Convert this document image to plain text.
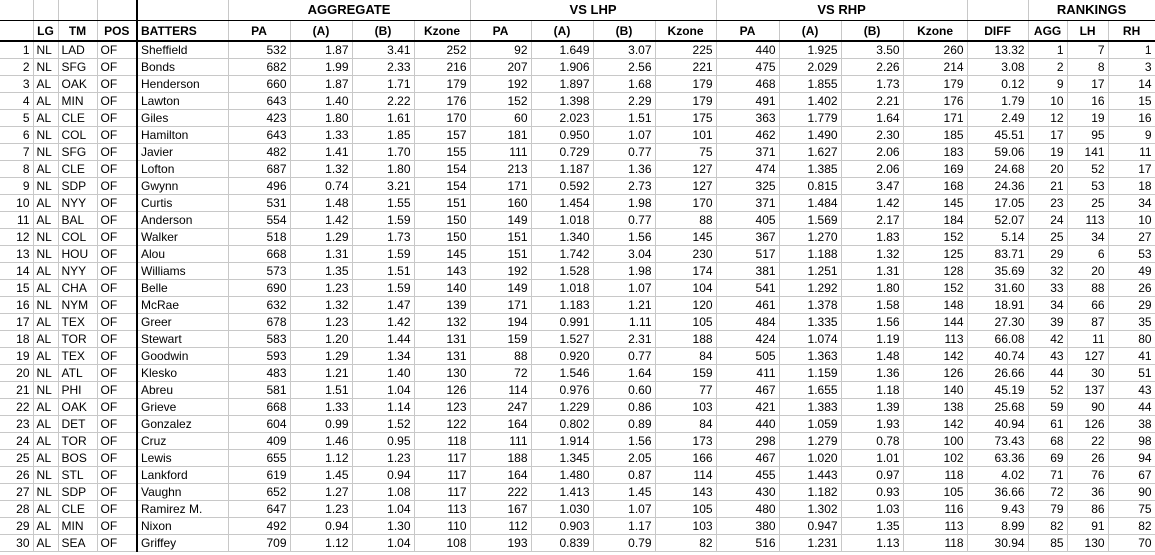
					AGGREGATE				VS LHP				VS RHP					RANKINGS		
	LG	TM	POS	BATTERS	PA	(A)	(B)	Kzone	PA	(A)	(B)	Kzone	PA	(A)	(B)	Kzone	DIFF	AGG	LH	RH
1	NL	LAD	OF	Sheffield	532	1.87	3.41	252	92	1.649	3.07	225	440	1.925	3.50	260	13.32	1	7	1
2	NL	SFG	OF	Bonds	682	1.99	2.33	216	207	1.906	2.56	221	475	2.029	2.26	214	3.08	2	8	3
3	AL	OAK	OF	Henderson	660	1.87	1.71	179	192	1.897	1.68	179	468	1.855	1.73	179	0.12	9	17	14
4	AL	MIN	OF	Lawton	643	1.40	2.22	176	152	1.398	2.29	179	491	1.402	2.21	176	1.79	10	16	15
5	AL	CLE	OF	Giles	423	1.80	1.61	170	60	2.023	1.51	175	363	1.779	1.64	171	2.49	12	19	16
6	NL	COL	OF	Hamilton	643	1.33	1.85	157	181	0.950	1.07	101	462	1.490	2.30	185	45.51	17	95	9
7	NL	SFG	OF	Javier	482	1.41	1.70	155	111	0.729	0.77	75	371	1.627	2.06	183	59.06	19	141	11
8	AL	CLE	OF	Lofton	687	1.32	1.80	154	213	1.187	1.36	127	474	1.385	2.06	169	24.68	20	52	17
9	NL	SDP	OF	Gwynn	496	0.74	3.21	154	171	0.592	2.73	127	325	0.815	3.47	168	24.36	21	53	18
10	AL	NYY	OF	Curtis	531	1.48	1.55	151	160	1.454	1.98	170	371	1.484	1.42	145	17.05	23	25	34
11	AL	BAL	OF	Anderson	554	1.42	1.59	150	149	1.018	0.77	88	405	1.569	2.17	184	52.07	24	113	10
12	NL	COL	OF	Walker	518	1.29	1.73	150	151	1.340	1.56	145	367	1.270	1.83	152	5.14	25	34	27
13	NL	HOU	OF	Alou	668	1.31	1.59	145	151	1.742	3.04	230	517	1.188	1.32	125	83.71	29	6	53
14	AL	NYY	OF	Williams	573	1.35	1.51	143	192	1.528	1.98	174	381	1.251	1.31	128	35.69	32	20	49
15	AL	CHA	OF	Belle	690	1.23	1.59	140	149	1.018	1.07	104	541	1.292	1.80	152	31.60	33	88	26
16	NL	NYM	OF	McRae	632	1.32	1.47	139	171	1.183	1.21	120	461	1.378	1.58	148	18.91	34	66	29
17	AL	TEX	OF	Greer	678	1.23	1.42	132	194	0.991	1.11	105	484	1.335	1.56	144	27.30	39	87	35
18	AL	TOR	OF	Stewart	583	1.20	1.44	131	159	1.527	2.31	188	424	1.074	1.19	113	66.08	42	11	80
19	AL	TEX	OF	Goodwin	593	1.29	1.34	131	88	0.920	0.77	84	505	1.363	1.48	142	40.74	43	127	41
20	NL	ATL	OF	Klesko	483	1.21	1.40	130	72	1.546	1.64	159	411	1.159	1.36	126	26.66	44	30	51
21	NL	PHI	OF	Abreu	581	1.51	1.04	126	114	0.976	0.60	77	467	1.655	1.18	140	45.19	52	137	43
22	AL	OAK	OF	Grieve	668	1.33	1.14	123	247	1.229	0.86	103	421	1.383	1.39	138	25.68	59	90	44
23	AL	DET	OF	Gonzalez	604	0.99	1.52	122	164	0.802	0.89	84	440	1.059	1.93	142	40.94	61	126	38
24	AL	TOR	OF	Cruz	409	1.46	0.95	118	111	1.914	1.56	173	298	1.279	0.78	100	73.43	68	22	98
25	AL	BOS	OF	Lewis	655	1.12	1.23	117	188	1.345	2.05	166	467	1.020	1.01	102	63.36	69	26	94
26	NL	STL	OF	Lankford	619	1.45	0.94	117	164	1.480	0.87	114	455	1.443	0.97	118	4.02	71	76	67
27	NL	SDP	OF	Vaughn	652	1.27	1.08	117	222	1.413	1.45	143	430	1.182	0.93	105	36.66	72	36	90
28	AL	CLE	OF	Ramirez M.	647	1.23	1.04	113	167	1.030	1.07	105	480	1.302	1.03	116	9.43	79	86	75
29	AL	MIN	OF	Nixon	492	0.94	1.30	110	112	0.903	1.17	103	380	0.947	1.35	113	8.99	82	91	82
30	AL	SEA	OF	Griffey	709	1.12	1.04	108	193	0.839	0.79	82	516	1.231	1.13	118	30.94	85	130	70
